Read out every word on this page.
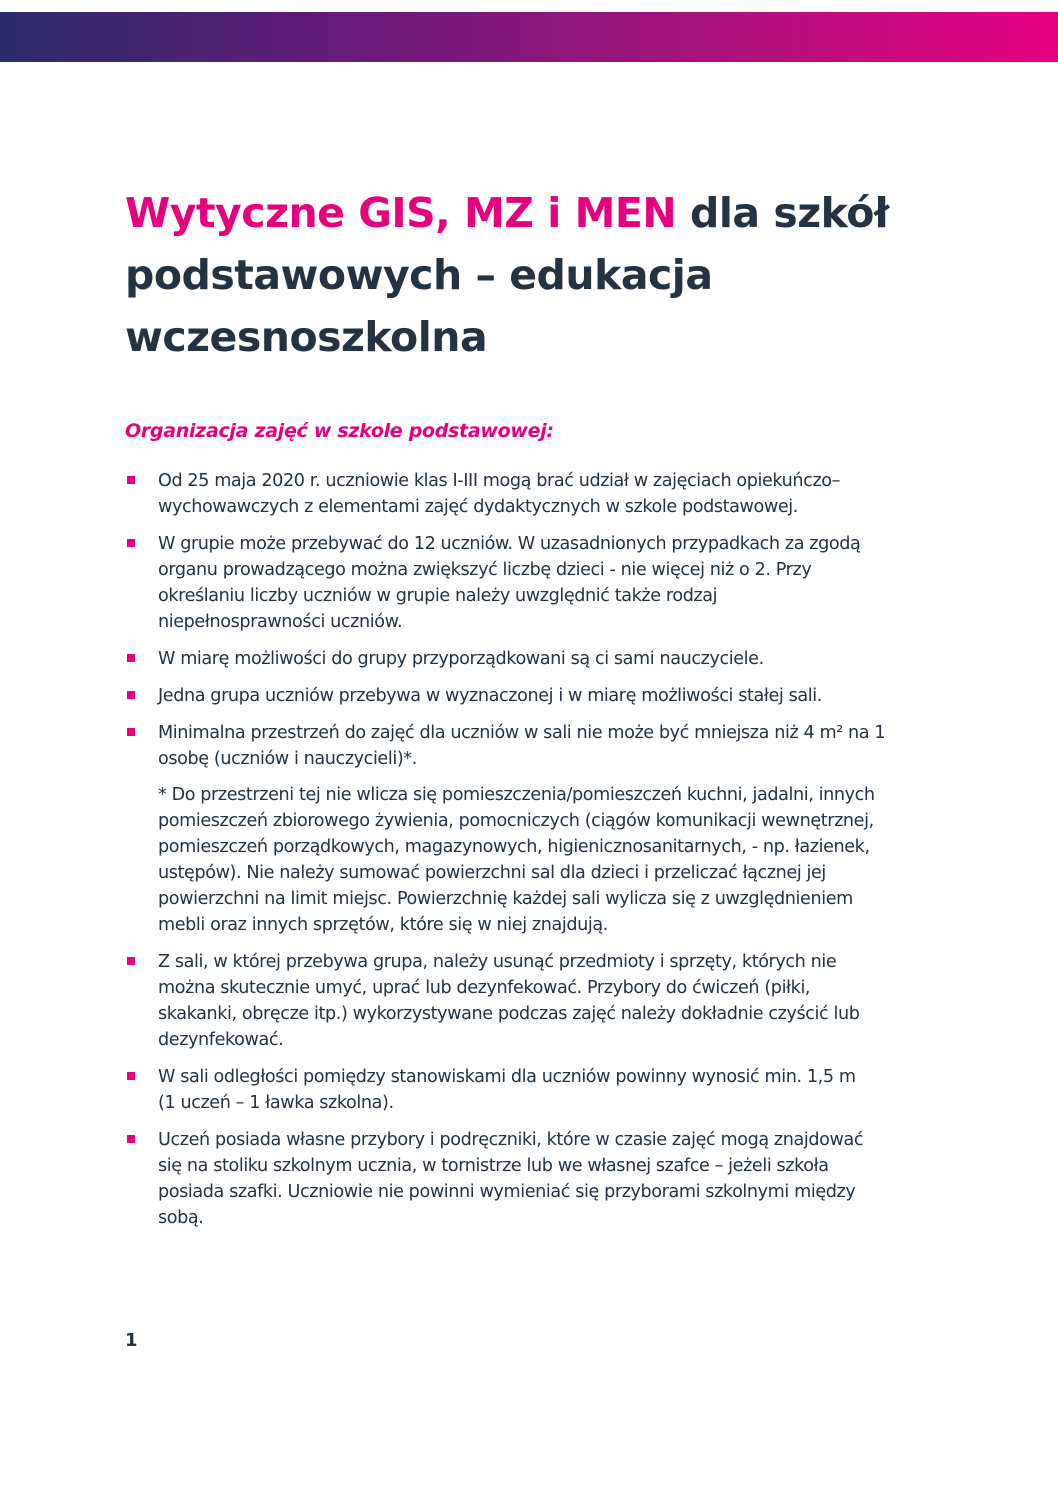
Wytyczne GIS, MZ i MEN dla szkół
podstawowych – edukacja
wczesnoszkolna
Organizacja zajęć w szkole podstawowej:
Od 25 maja 2020 r. uczniowie klas I-III mogą brać udział w zajęciach opiekuńczo–
wychowawczych z elementami zajęć dydaktycznych w szkole podstawowej.
W grupie może przebywać do 12 uczniów. W uzasadnionych przypadkach za zgodą
organu prowadzącego można zwiększyć liczbę dzieci - nie więcej niż o 2. Przy
określaniu liczby uczniów w grupie należy uwzględnić także rodzaj
niepełnosprawności uczniów.
W miarę możliwości do grupy przyporządkowani są ci sami nauczyciele.
Jedna grupa uczniów przebywa w wyznaczonej i w miarę możliwości stałej sali.
Minimalna przestrzeń do zajęć dla uczniów w sali nie może być mniejsza niż 4 m² na 1
osobę (uczniów i nauczycieli)*.
* Do przestrzeni tej nie wlicza się pomieszczenia/pomieszczeń kuchni, jadalni, innych
pomieszczeń zbiorowego żywienia, pomocniczych (ciągów komunikacji wewnętrznej,
pomieszczeń porządkowych, magazynowych, higienicznosanitarnych, - np. łazienek,
ustępów). Nie należy sumować powierzchni sal dla dzieci i przeliczać łącznej jej
powierzchni na limit miejsc. Powierzchnię każdej sali wylicza się z uwzględnieniem
mebli oraz innych sprzętów, które się w niej znajdują.
Z sali, w której przebywa grupa, należy usunąć przedmioty i sprzęty, których nie
można skutecznie umyć, uprać lub dezynfekować. Przybory do ćwiczeń (piłki,
skakanki, obręcze itp.) wykorzystywane podczas zajęć należy dokładnie czyścić lub
dezynfekować.
W sali odległości pomiędzy stanowiskami dla uczniów powinny wynosić min. 1,5 m
(1 uczeń – 1 ławka szkolna).
Uczeń posiada własne przybory i podręczniki, które w czasie zajęć mogą znajdować
się na stoliku szkolnym ucznia, w tornistrze lub we własnej szafce – jeżeli szkoła
posiada szafki. Uczniowie nie powinni wymieniać się przyborami szkolnymi między
sobą.
1
